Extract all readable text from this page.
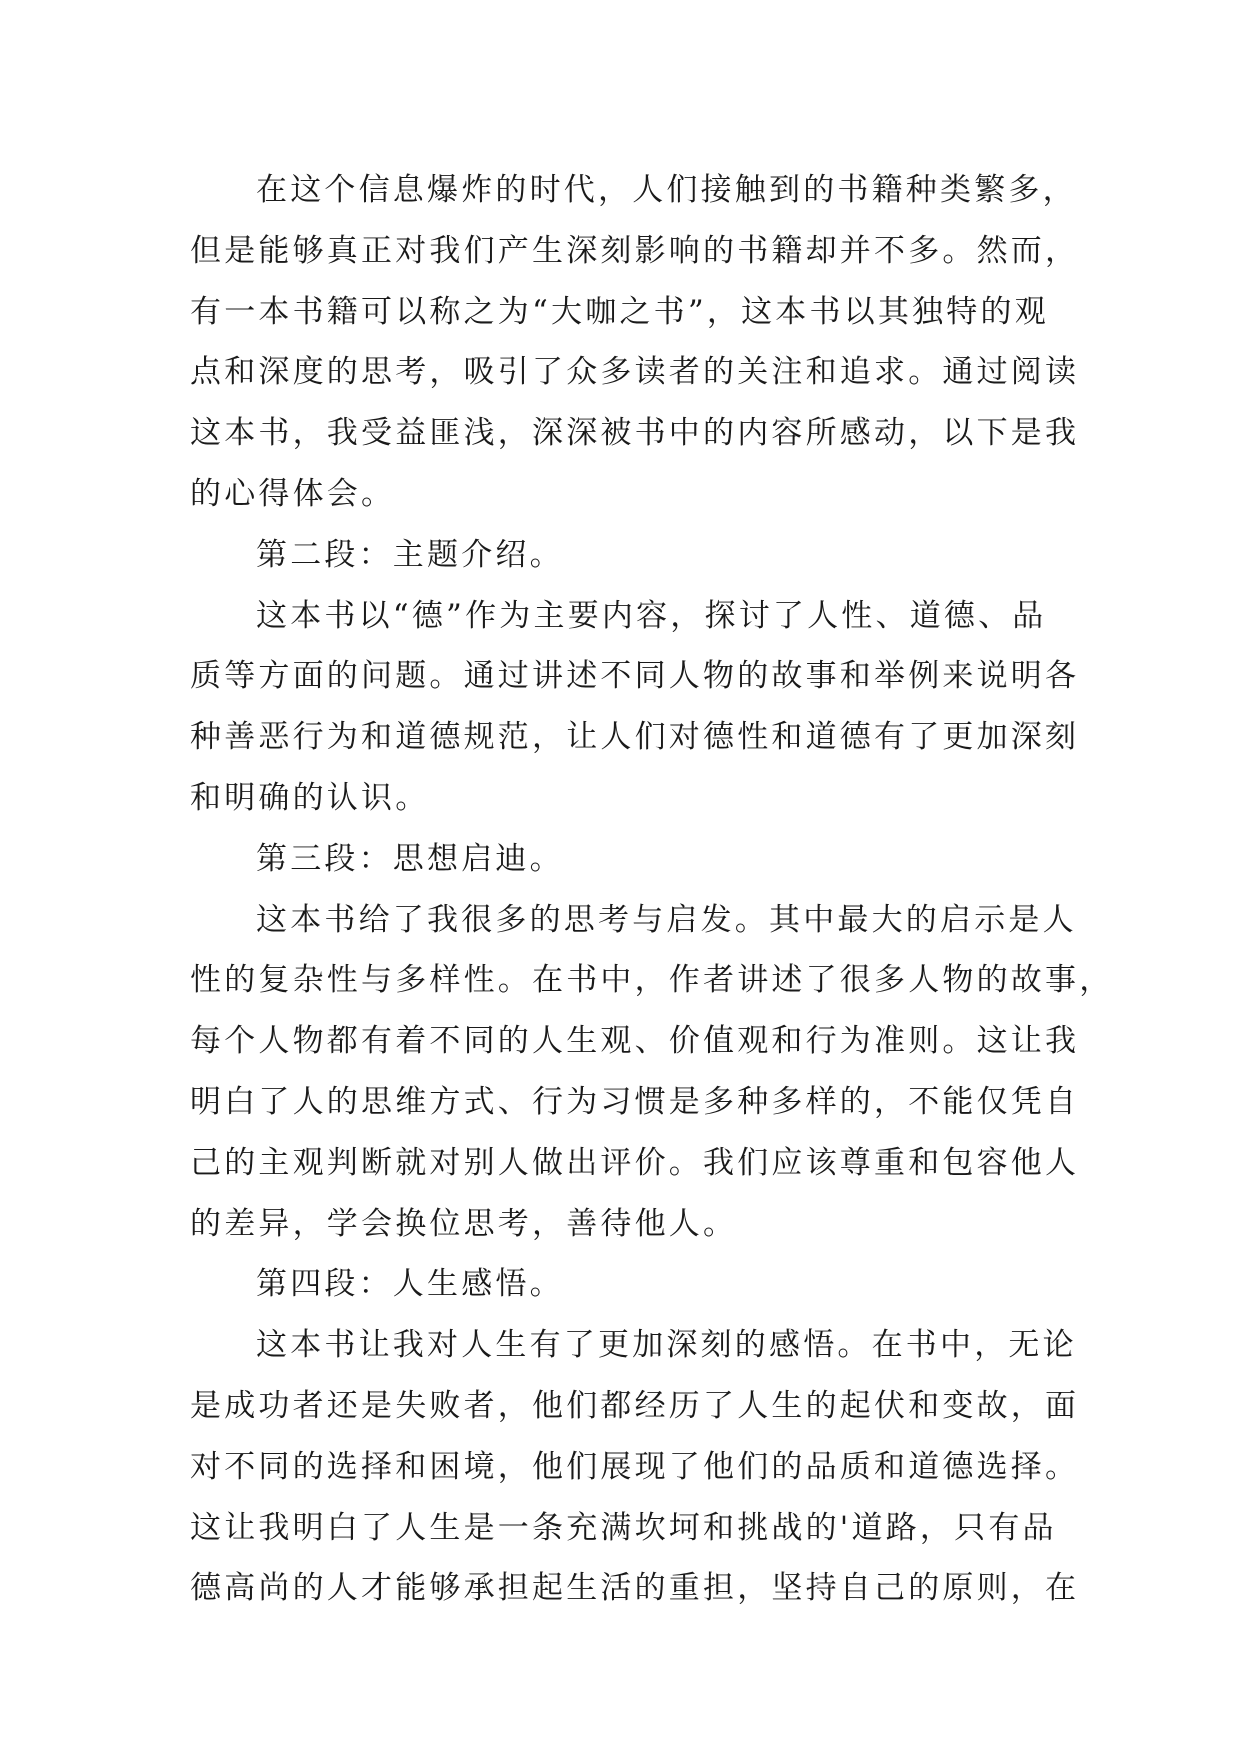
在这个信息爆炸的时代，人们接触到的书籍种类繁多，
但是能够真正对我们产生深刻影响的书籍却并不多。然而，
有一本书籍可以称之为“大咖之书”，这本书以其独特的观
点和深度的思考，吸引了众多读者的关注和追求。通过阅读
这本书，我受益匪浅，深深被书中的内容所感动，以下是我
的心得体会。
第二段：主题介绍。
这本书以“德”作为主要内容，探讨了人性、道德、品
质等方面的问题。通过讲述不同人物的故事和举例来说明各
种善恶行为和道德规范，让人们对德性和道德有了更加深刻
和明确的认识。
第三段：思想启迪。
这本书给了我很多的思考与启发。其中最大的启示是人
性的复杂性与多样性。在书中，作者讲述了很多人物的故事，
每个人物都有着不同的人生观、价值观和行为准则。这让我
明白了人的思维方式、行为习惯是多种多样的，不能仅凭自
己的主观判断就对别人做出评价。我们应该尊重和包容他人
的差异，学会换位思考，善待他人。
第四段：人生感悟。
这本书让我对人生有了更加深刻的感悟。在书中，无论
是成功者还是失败者，他们都经历了人生的起伏和变故，面
对不同的选择和困境，他们展现了他们的品质和道德选择。
这让我明白了人生是一条充满坎坷和挑战的'道路，只有品
德高尚的人才能够承担起生活的重担，坚持自己的原则，在
